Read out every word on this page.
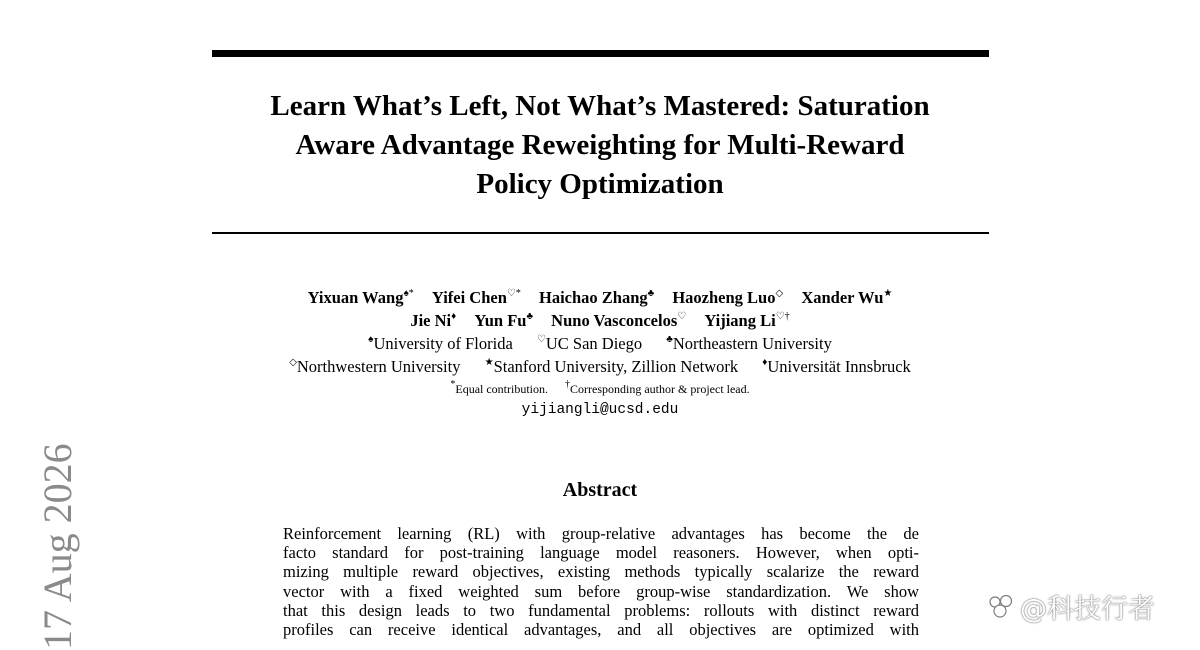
Learn What’s Left, Not What’s Mastered: Saturation
Aware Advantage Reweighting for Multi-Reward
Policy Optimization
Yixuan Wang♠* Yifei Chen♡* Haichao Zhang♣ Haozheng Luo◇ Xander Wu★
Jie Ni♦ Yun Fu♣ Nuno Vasconcelos♡ Yijiang Li♡†
♠University of Florida ♡UC San Diego ♣Northeastern University
◇Northwestern University ★Stanford University, Zillion Network ♦Universität Innsbruck
*Equal contribution. †Corresponding author & project lead.
yijiangli@ucsd.edu
Abstract
Reinforcement learning (RL) with group-relative advantages has become the de
facto standard for post-training language model reasoners. However, when opti-
mizing multiple reward objectives, existing methods typically scalarize the reward
vector with a fixed weighted sum before group-wise standardization. We show
that this design leads to two fundamental problems: rollouts with distinct reward
profiles can receive identical advantages, and all objectives are optimized with
17 Aug 2026	@科技行者
